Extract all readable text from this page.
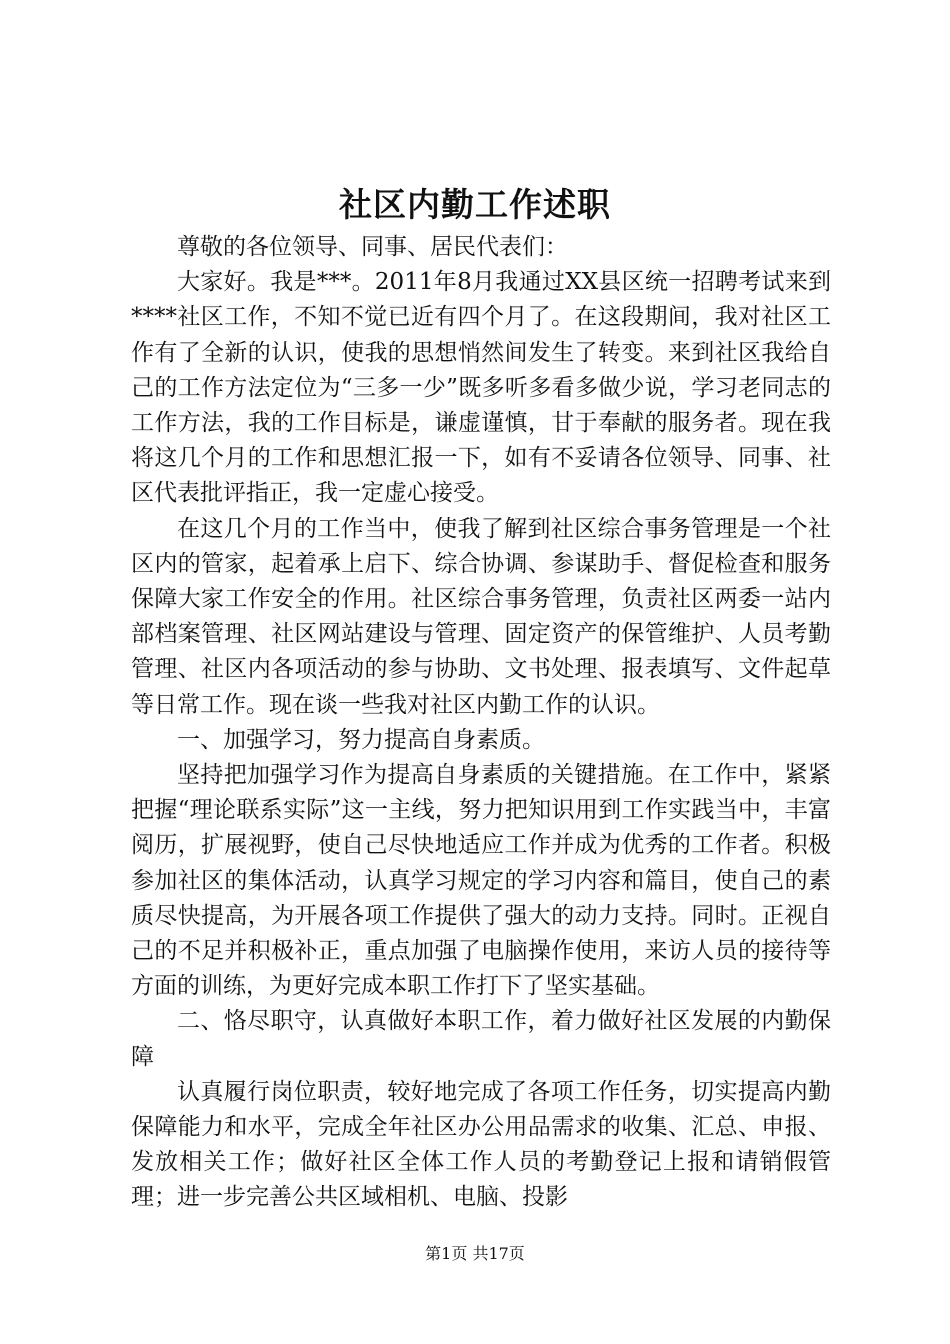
社区内勤工作述职

尊敬的各位领导、同事、居民代表们：

大家好。我是***。2011年8月我通过XX县区统一招聘考试来到****社区工作，不知不觉已近有四个月了。在这段期间，我对社区工作有了全新的认识，使我的思想悄然间发生了转变。来到社区我给自己的工作方法定位为“三多一少”既多听多看多做少说，学习老同志的工作方法，我的工作目标是，谦虚谨慎，甘于奉献的服务者。现在我将这几个月的工作和思想汇报一下，如有不妥请各位领导、同事、社区代表批评指正，我一定虚心接受。

在这几个月的工作当中，使我了解到社区综合事务管理是一个社区内的管家，起着承上启下、综合协调、参谋助手、督促检查和服务保障大家工作安全的作用。社区综合事务管理，负责社区两委一站内部档案管理、社区网站建设与管理、固定资产的保管维护、人员考勤管理、社区内各项活动的参与协助、文书处理、报表填写、文件起草等日常工作。现在谈一些我对社区内勤工作的认识。

一、加强学习，努力提高自身素质。

坚持把加强学习作为提高自身素质的关键措施。在工作中，紧紧把握“理论联系实际”这一主线，努力把知识用到工作实践当中，丰富阅历，扩展视野，使自己尽快地适应工作并成为优秀的工作者。积极参加社区的集体活动，认真学习规定的学习内容和篇目，使自己的素质尽快提高，为开展各项工作提供了强大的动力支持。同时。正视自己的不足并积极补正，重点加强了电脑操作使用，来访人员的接待等方面的训练，为更好完成本职工作打下了坚实基础。

二、恪尽职守，认真做好本职工作，着力做好社区发展的内勤保障

认真履行岗位职责，较好地完成了各项工作任务，切实提高内勤保障能力和水平，完成全年社区办公用品需求的收集、汇总、申报、发放相关工作；做好社区全体工作人员的考勤登记上报和请销假管理；进一步完善公共区域相机、电脑、投影

第1页 共17页
